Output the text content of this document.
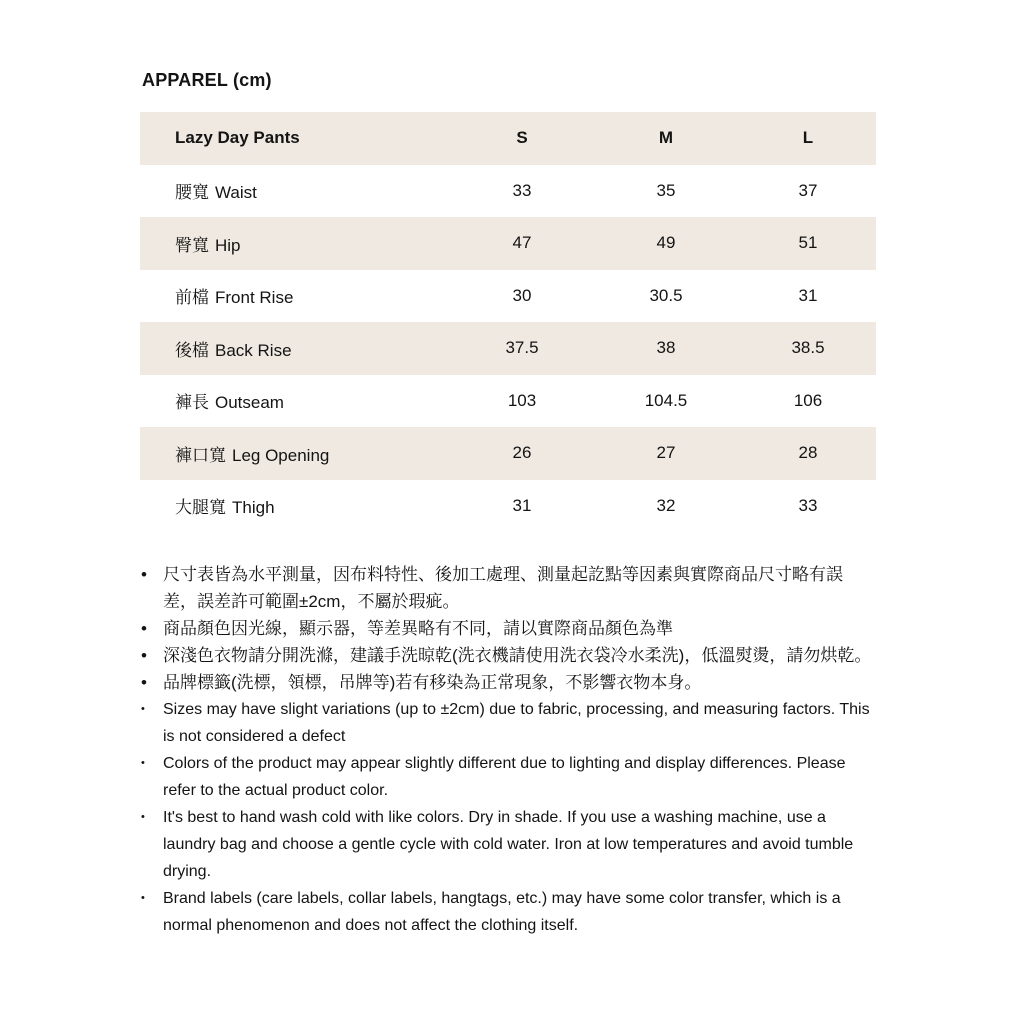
APPAREL (cm)
Lazy Day Pants	S	M	L
腰寬 Waist	33	35	37
臀寬 Hip	47	49	51
前檔 Front Rise	30	30.5	31
後檔 Back Rise	37.5	38	38.5
褲長 Outseam	103	104.5	106
褲口寬 Leg Opening	26	27	28
大腿寬 Thigh	31	32	33
• 尺寸表皆為水平測量，因布料特性、後加工處理、測量起訖點等因素與實際商品尺寸略有誤差，誤差許可範圍±2cm，不屬於瑕疵。
• 商品顏色因光線，顯示器，等差異略有不同，請以實際商品顏色為準
• 深淺色衣物請分開洗滌，建議手洗晾乾(洗衣機請使用洗衣袋冷水柔洗)，低溫熨燙，請勿烘乾。
• 品牌標籤(洗標，領標，吊牌等)若有移染為正常現象，不影響衣物本身。
• Sizes may have slight variations (up to ±2cm) due to fabric, processing, and measuring factors. This is not considered a defect
• Colors of the product may appear slightly different due to lighting and display differences. Please refer to the actual product color.
• It's best to hand wash cold with like colors. Dry in shade. If you use a washing machine, use a laundry bag and choose a gentle cycle with cold water. Iron at low temperatures and avoid tumble drying.
• Brand labels (care labels, collar labels, hangtags, etc.) may have some color transfer, which is a normal phenomenon and does not affect the clothing itself.
